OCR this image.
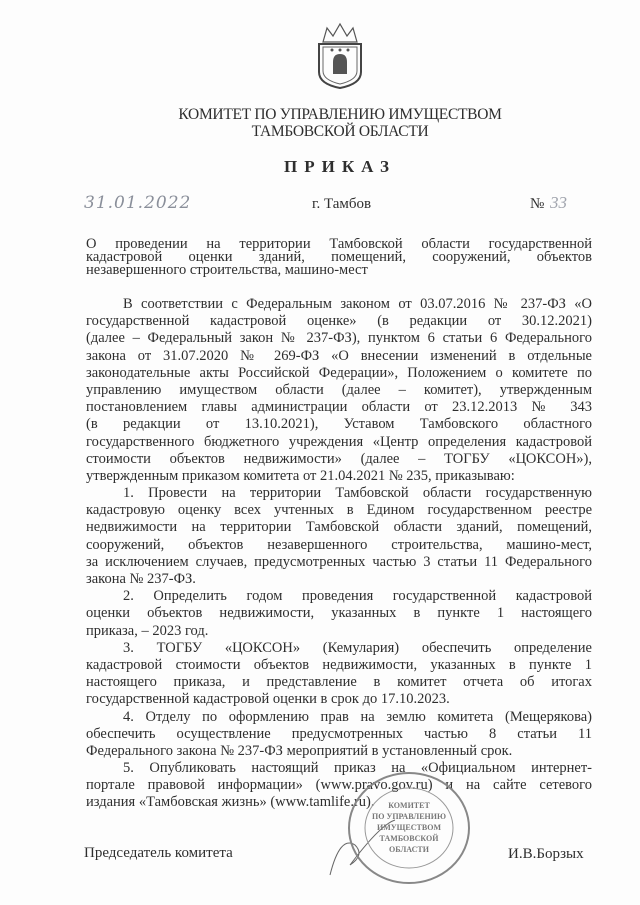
КОМИТЕТ ПО УПРАВЛЕНИЮ ИМУЩЕСТВОМ
ТАМБОВСКОЙ ОБЛАСТИ
ПРИКАЗ
31.01.2022	г. Тамбов	№ 33
О проведении на территории Тамбовской области государственной
кадастровой оценки зданий, помещений, сооружений, объектов
незавершенного строительства, машино-мест
В соответствии с Федеральным законом от 03.07.2016 № 237-ФЗ «О
государственной кадастровой оценке» (в редакции от 30.12.2021)
(далее – Федеральный закон № 237-ФЗ), пунктом 6 статьи 6 Федерального
закона от 31.07.2020 № 269-ФЗ «О внесении изменений в отдельные
законодательные акты Российской Федерации», Положением о комитете по
управлению имуществом области (далее – комитет), утвержденным
постановлением главы администрации области от 23.12.2013 № 343
(в редакции от 13.10.2021), Уставом Тамбовского областного
государственного бюджетного учреждения «Центр определения кадастровой
стоимости объектов недвижимости» (далее – ТОГБУ «ЦОКСОН»),
утвержденным приказом комитета от 21.04.2021 № 235, приказываю:
1. Провести на территории Тамбовской области государственную
кадастровую оценку всех учтенных в Едином государственном реестре
недвижимости на территории Тамбовской области зданий, помещений,
сооружений, объектов незавершенного строительства, машино-мест,
за исключением случаев, предусмотренных частью 3 статьи 11 Федерального
закона № 237-ФЗ.
2. Определить годом проведения государственной кадастровой
оценки объектов недвижимости, указанных в пункте 1 настоящего
приказа, – 2023 год.
3. ТОГБУ «ЦОКСОН» (Кемулария) обеспечить определение
кадастровой стоимости объектов недвижимости, указанных в пункте 1
настоящего приказа, и представление в комитет отчета об итогах
государственной кадастровой оценки в срок до 17.10.2023.
4. Отделу по оформлению прав на землю комитета (Мещерякова)
обеспечить осуществление предусмотренных частью 8 статьи 11
Федерального закона № 237-ФЗ мероприятий в установленный срок.
5. Опубликовать настоящий приказ на «Официальном интернет-
портале правовой информации» (www.pravo.gov.ru) и на сайте сетевого
издания «Тамбовская жизнь» (www.tamlife.ru).	КОМИТЕТ
ПО УПРАВЛЕНИЮ
ИМУЩЕСТВОМ
ТАМБОВСКОЙ
ОБЛАСТИ
Председатель комитета	И.В.Борзых
